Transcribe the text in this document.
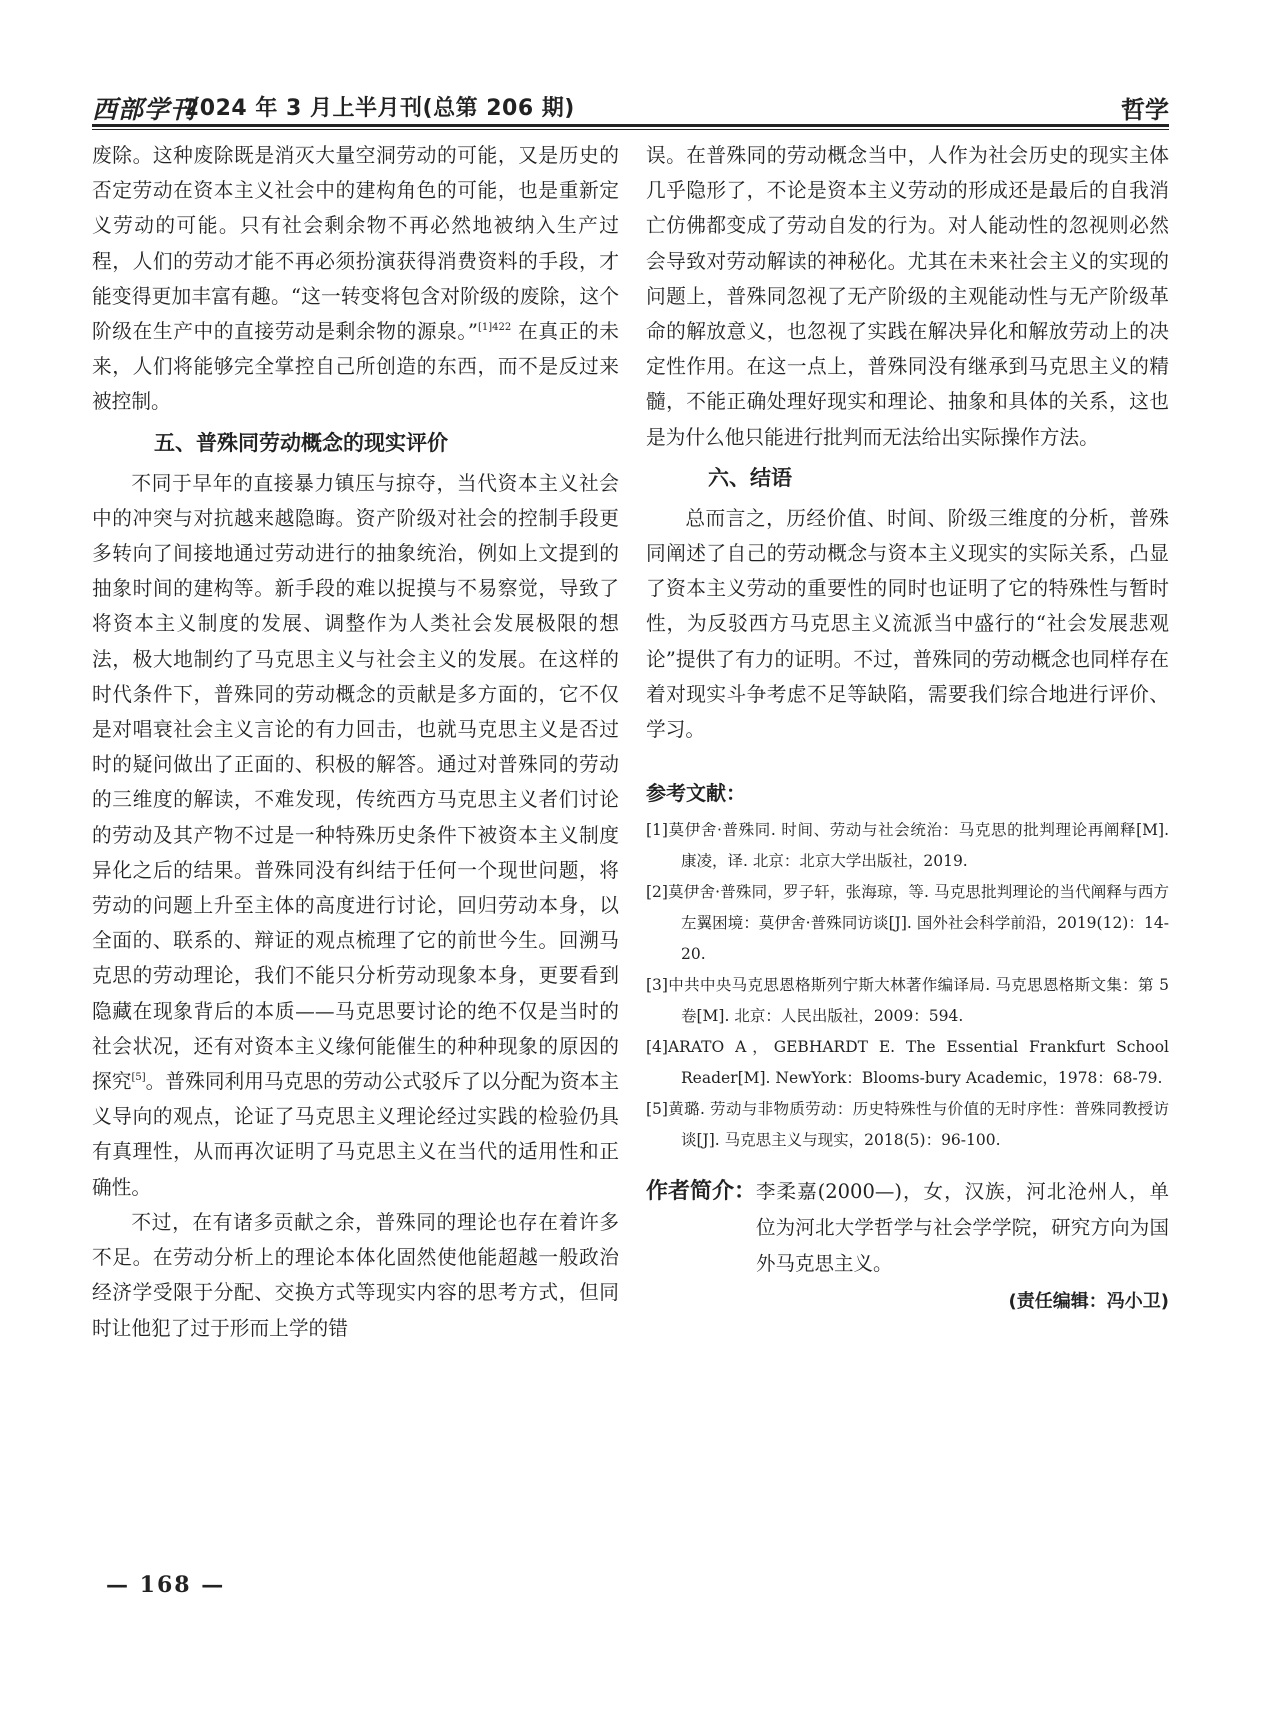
西部学刊
2024 年 3 月上半月刊(总第 206 期)	哲学

废除。这种废除既是消灭大量空洞劳动的可能，又是历史的否定劳动在资本主义社会中的建构角色的可能，也是重新定义劳动的可能。只有社会剩余物不再必然地被纳入生产过程，人们的劳动才能不再必须扮演获得消费资料的手段，才能变得更加丰富有趣。“这一转变将包含对阶级的废除，这个阶级在生产中的直接劳动是剩余物的源泉。”$^{[1]422}$ 在真正的未来，人们将能够完全掌控自己所创造的东西，而不是反过来被控制。

五、普殊同劳动概念的现实评价

不同于早年的直接暴力镇压与掠夺，当代资本主义社会中的冲突与对抗越来越隐晦。资产阶级对社会的控制手段更多转向了间接地通过劳动进行的抽象统治，例如上文提到的抽象时间的建构等。新手段的难以捉摸与不易察觉，导致了将资本主义制度的发展、调整作为人类社会发展极限的想法，极大地制约了马克思主义与社会主义的发展。在这样的时代条件下，普殊同的劳动概念的贡献是多方面的，它不仅是对唱衰社会主义言论的有力回击，也就马克思主义是否过时的疑问做出了正面的、积极的解答。通过对普殊同的劳动的三维度的解读，不难发现，传统西方马克思主义者们讨论的劳动及其产物不过是一种特殊历史条件下被资本主义制度异化之后的结果。普殊同没有纠结于任何一个现世问题，将劳动的问题上升至主体的高度进行讨论，回归劳动本身，以全面的、联系的、辩证的观点梳理了它的前世今生。回溯马克思的劳动理论，我们不能只分析劳动现象本身，更要看到隐藏在现象背后的本质——马克思要讨论的绝不仅是当时的社会状况，还有对资本主义缘何能催生的种种现象的原因的探究[5]。普殊同利用马克思的劳动公式驳斥了以分配为资本主义导向的观点，论证了马克思主义理论经过实践的检验仍具有真理性，从而再次证明了马克思主义在当代的适用性和正确性。

不过，在有诸多贡献之余，普殊同的理论也存在着许多不足。在劳动分析上的理论本体化固然使他能超越一般政治经济学受限于分配、交换方式等现实内容的思考方式，但同时让他犯了过于形而上学的错

误。在普殊同的劳动概念当中，人作为社会历史的现实主体几乎隐形了，不论是资本主义劳动的形成还是最后的自我消亡仿佛都变成了劳动自发的行为。对人能动性的忽视则必然会导致对劳动解读的神秘化。尤其在未来社会主义的实现的问题上，普殊同忽视了无产阶级的主观能动性与无产阶级革命的解放意义，也忽视了实践在解决异化和解放劳动上的决定性作用。在这一点上，普殊同没有继承到马克思主义的精髓，不能正确处理好现实和理论、抽象和具体的关系，这也是为什么他只能进行批判而无法给出实际操作方法。

六、结语

总而言之，历经价值、时间、阶级三维度的分析，普殊同阐述了自己的劳动概念与资本主义现实的实际关系，凸显了资本主义劳动的重要性的同时也证明了它的特殊性与暂时性，为反驳西方马克思主义流派当中盛行的“社会发展悲观论”提供了有力的证明。不过，普殊同的劳动概念也同样存在着对现实斗争考虑不足等缺陷，需要我们综合地进行评价、学习。

参考文献：

[1]莫伊舍·普殊同. 时间、劳动与社会统治：马克思的批判理论再阐释[M]. 康凌，译. 北京：北京大学出版社，2019.

[2]莫伊舍·普殊同，罗子轩，张海琼，等. 马克思批判理论的当代阐释与西方左翼困境：莫伊舍·普殊同访谈[J]. 国外社会科学前沿，2019(12)：14-20.

[3]中共中央马克思恩格斯列宁斯大林著作编译局. 马克思恩格斯文集：第 5 卷[M]. 北京：人民出版社，2009：594.

[4]ARATO A，GEBHARDT E. The Essential Frankfurt School Reader[M]. NewYork：Blooms-bury Academic，1978：68-79.

[5]黄璐. 劳动与非物质劳动：历史特殊性与价值的无时序性：普殊同教授访谈[J]. 马克思主义与现实，2018(5)：96-100.

作者简介： 李柔嘉(2000—)，女，汉族，河北沧州人，单位为河北大学哲学与社会学学院，研究方向为国外马克思主义。
(责任编辑：冯小卫)
— 168 —
